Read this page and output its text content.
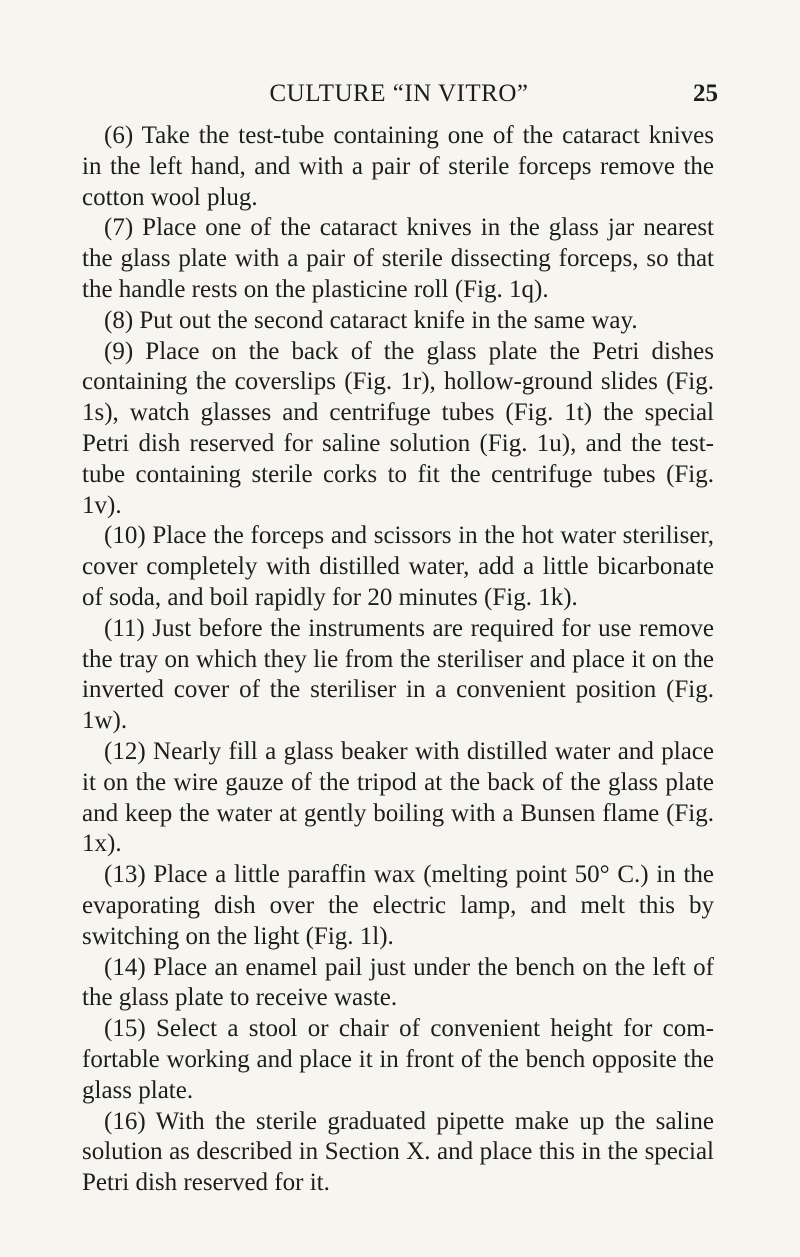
CULTURE “IN VITRO”	25

(6) Take the test-tube containing one of the cataract knives in the left hand, and with a pair of sterile forceps remove the cotton wool plug.

(7) Place one of the cataract knives in the glass jar nearest the glass plate with a pair of sterile dissecting forceps, so that the handle rests on the plasticine roll (Fig. 1q).

(8) Put out the second cataract knife in the same way.

(9) Place on the back of the glass plate the Petri dishes containing the coverslips (Fig. 1r), hollow-ground slides (Fig. 1s), watch glasses and centrifuge tubes (Fig. 1t) the special Petri dish reserved for saline solution (Fig. 1u), and the test-tube containing sterile corks to fit the centrifuge tubes (Fig. 1v).

(10) Place the forceps and scissors in the hot water steriliser, cover completely with distilled water, add a little bicarbonate of soda, and boil rapidly for 20 minutes (Fig. 1k).

(11) Just before the instruments are required for use remove the tray on which they lie from the steriliser and place it on the inverted cover of the steriliser in a convenient position (Fig. 1w).

(12) Nearly fill a glass beaker with distilled water and place it on the wire gauze of the tripod at the back of the glass plate and keep the water at gently boiling with a Bunsen flame (Fig. 1x).

(13) Place a little paraffin wax (melting point 50° C.) in the evaporating dish over the electric lamp, and melt this by switching on the light (Fig. 1l).

(14) Place an enamel pail just under the bench on the left of the glass plate to receive waste.

(15) Select a stool or chair of convenient height for com-fortable working and place it in front of the bench opposite the glass plate.

(16) With the sterile graduated pipette make up the saline solution as described in Section X. and place this in the special Petri dish reserved for it.
